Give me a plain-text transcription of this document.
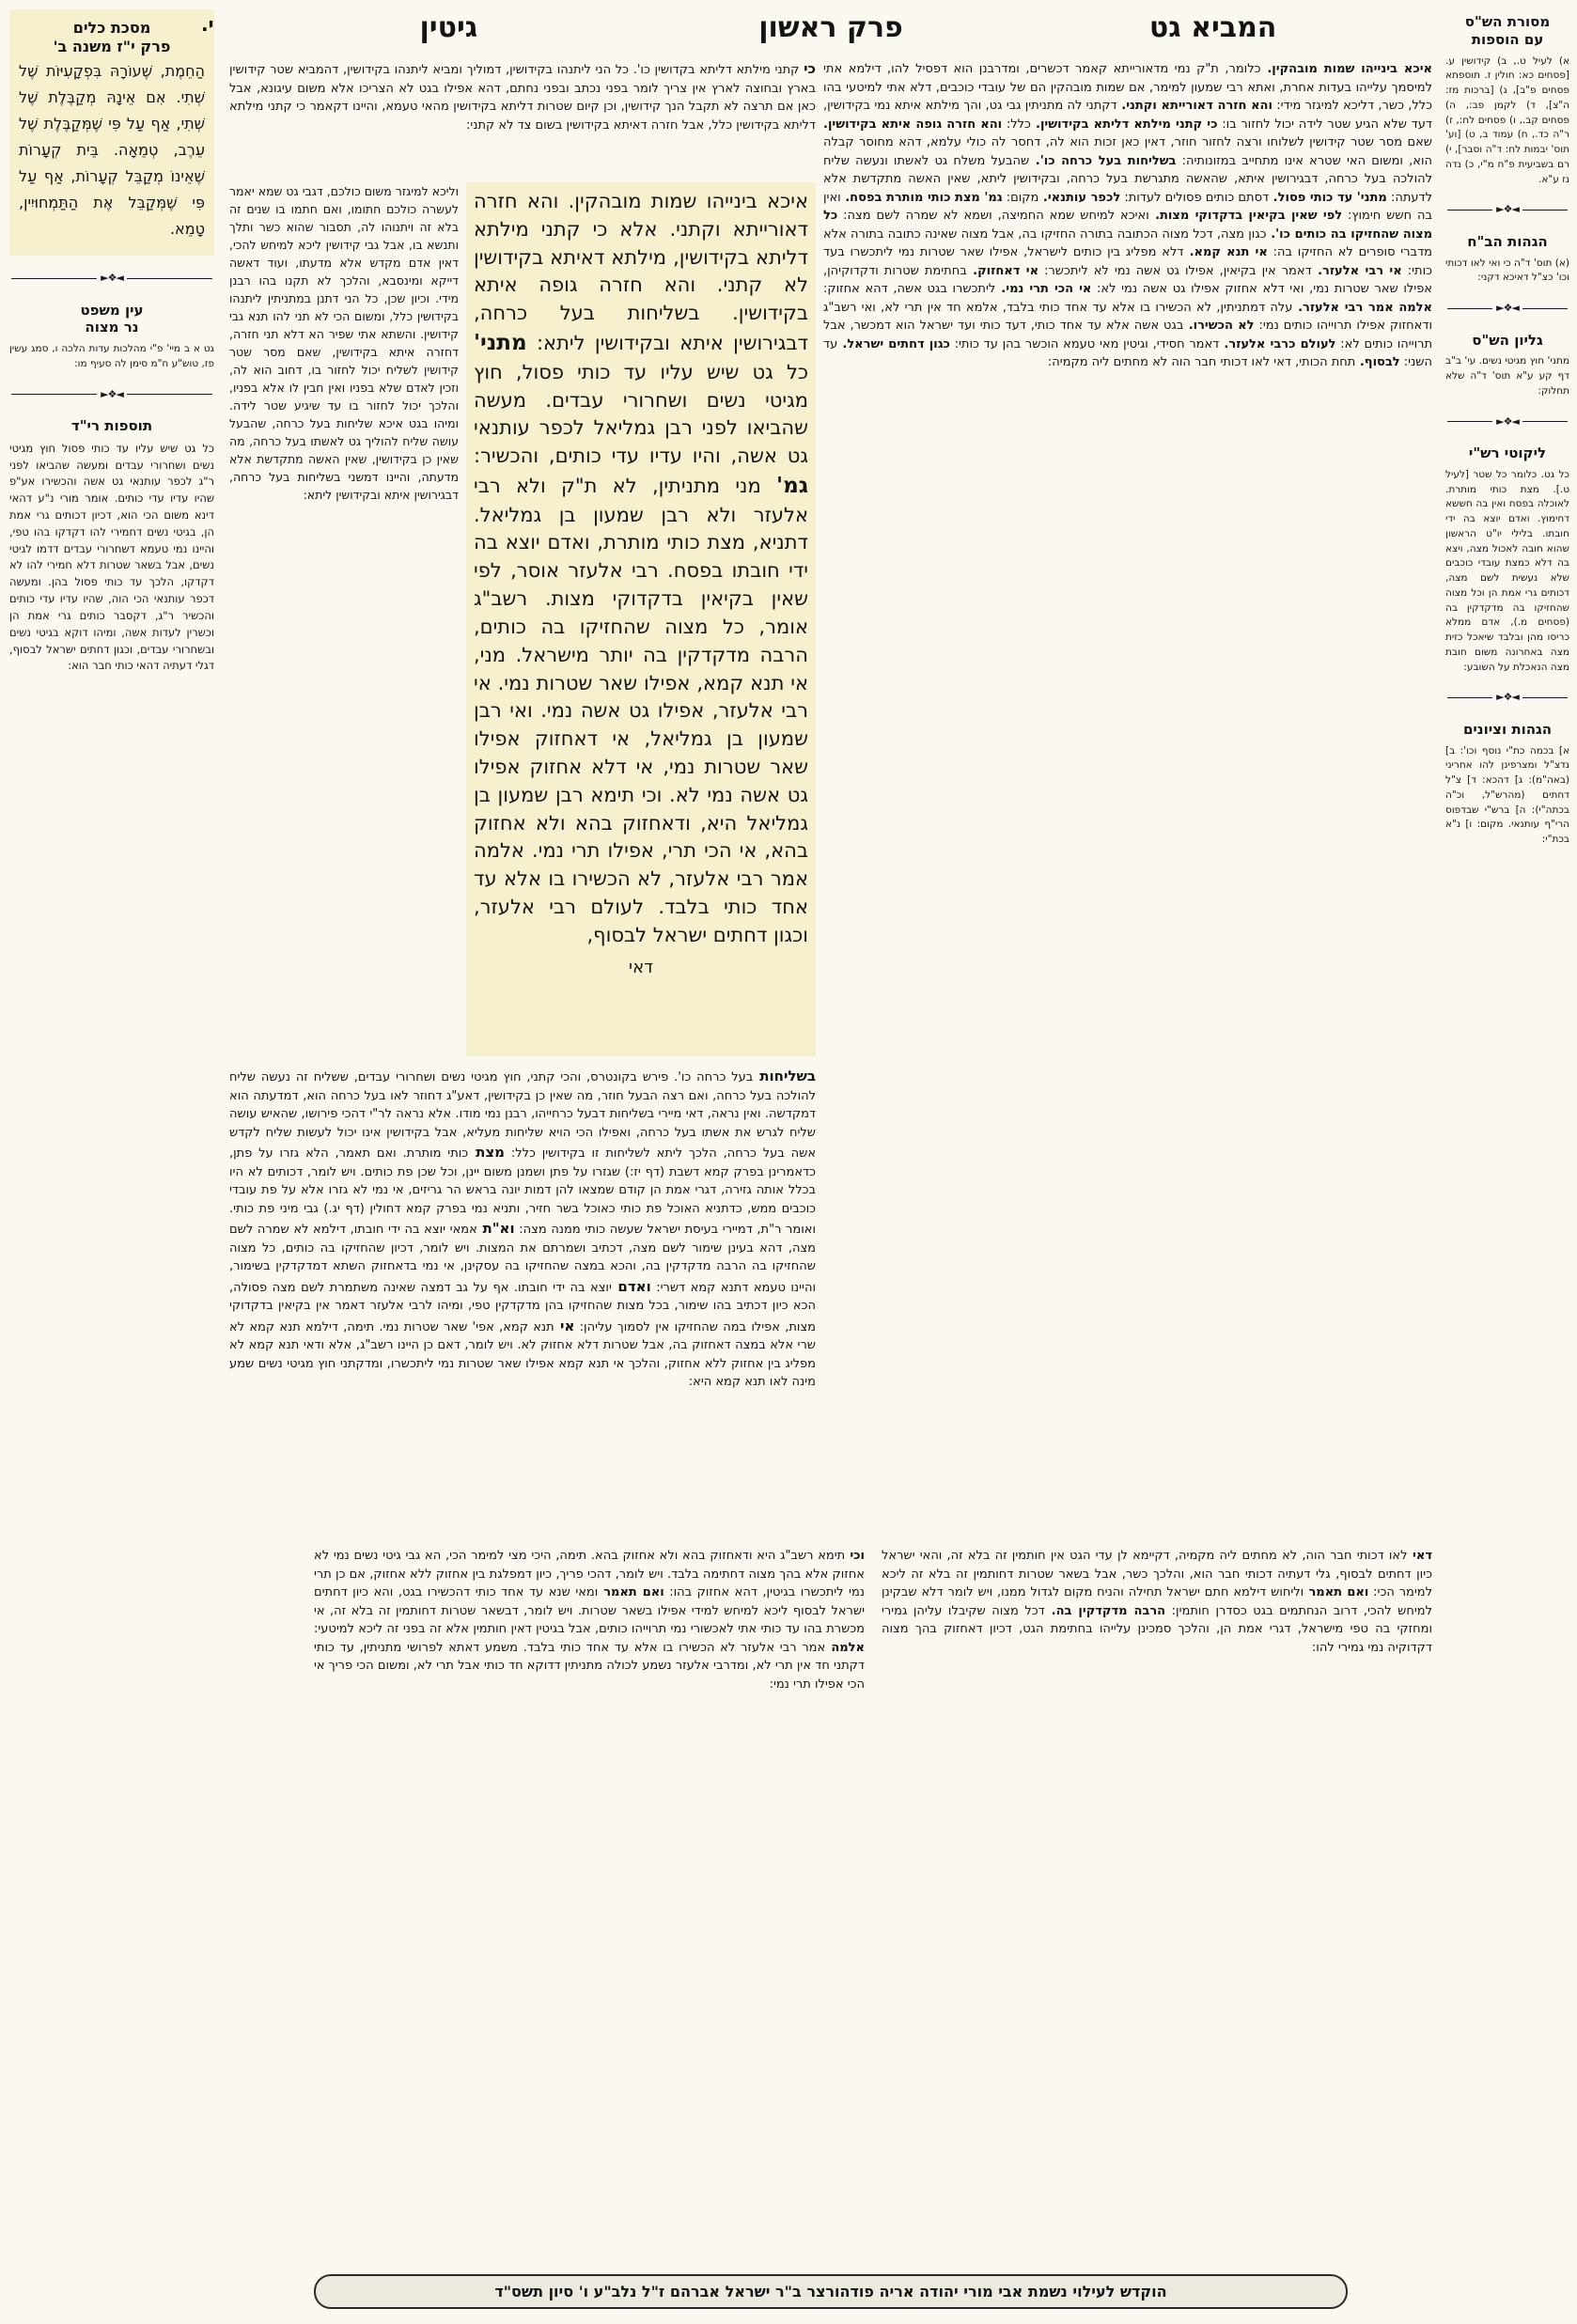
מסורת הש"ס
עם הוספות
א) לעיל ט., ב) קידושין ע. [פסחים כא: חולין ז. תוספתא פסחים פ"ב], ג) [ברכות מז: ה"צ], ד) לקמן פב:, ה) פסחים קב., ו) פסחים לח:, ז) ר"ה כד., ח) עמוד ב, ט) [וע' תוס' יבמות לח: ד"ה וסבר], י) רם בשביעית פ"ח מ"י, כ) נדה נז ע"א.
◄❖►
הגהות הב"ח
(א) תוס' ד"ה כי ואי לאו דכותי וכו' כצ"ל דאיכא דקני:
◄❖►
גליון הש"ס
מתני' חוץ מגיטי נשים. עי' ב"ב דף קע ע"א תוס' ד"ה שלא תחלוק:
◄❖►
ליקוטי רש"י
כל גט. כלומר כל שטר [לעיל ט.]. מצת כותי מותרת. לאוכלה בפסח ואין בה חששא דחימוץ. ואדם יוצא בה ידי חובתו. בלילי יו"ט הראשון שהוא חובה לאכול מצה, ויצא בה דלא כמצת עובדי כוכבים שלא נעשית לשם מצה, דכותים גרי אמת הן וכל מצוה שהחזיקו בה מדקדקין בה (פסחים מ.), אדם ממלא כריסו מהן ובלבד שיאכל כזית מצה באחרונה משום חובת מצה הנאכלת על השובע:
◄❖►
הגהות וציונים
א] בכמה כת"י נוסף וכו': ב] נדצ"ל ומצרפינן להו אחריני (באה"מ): ג] דהכא: ד] צ"ל דחתים (מהרש"ל, וכ"ה בכתה"י): ה] ברש"י שבדפוס הרי"ף עותנאי. מקום: ו] נ"א בכת"י:
המביא גט
פרק ראשון
גיטין
י.
איכא בינייהו שמות מובהקין. כלומר, ת"ק נמי מדאורייתא קאמר דכשרים, ומדרבנן הוא דפסיל להו, דילמא אתי למיסמך עלייהו בעדות אחרת, ואתא רבי שמעון למימר, אם שמות מובהקין הם של עובדי כוכבים, דלא אתי למיטעי בהו כלל, כשר, דליכא למיגזר מידי: והא חזרה דאורייתא וקתני. דקתני לה מתניתין גבי גט, והך מילתא איתא נמי בקידושין, דעד שלא הגיע שטר לידה יכול לחזור בו: כי קתני מילתא דליתא בקידושין. כלל: והא חזרה גופה איתא בקידושין. שאם מסר שטר קידושין לשלוחו ורצה לחזור חוזר, דאין כאן זכות הוא לה, דחסר לה כולי עלמא, דהא מחוסר קבלה הוא, ומשום האי שטרא אינו מתחייב במזונותיה: בשליחות בעל כרחה כו'. שהבעל משלח גט לאשתו ונעשה שליח להולכה בעל כרחה, דבגירושין איתא, שהאשה מתגרשת בעל כרחה, ובקידושין ליתא, שאין האשה מתקדשת אלא לדעתה: מתני' עד כותי פסול. דסתם כותים פסולים לעדות: לכפר עותנאי. מקום: גמ' מצת כותי מותרת בפסח. ואין בה חשש חימוץ: לפי שאין בקיאין בדקדוקי מצות. ואיכא למיחש שמא החמיצה, ושמא לא שמרה לשם מצה: כל מצוה שהחזיקו בה כותים כו'. כגון מצה, דכל מצוה הכתובה בתורה החזיקו בה, אבל מצוה שאינה כתובה בתורה אלא מדברי סופרים לא החזיקו בה: אי תנא קמא. דלא מפליג בין כותים לישראל, אפילו שאר שטרות נמי ליתכשרו בעד כותי: אי רבי אלעזר. דאמר אין בקיאין, אפילו גט אשה נמי לא ליתכשר: אי דאחזוק. בחתימת שטרות ודקדוקיהן, אפילו שאר שטרות נמי, ואי דלא אחזוק אפילו גט אשה נמי לא: אי הכי תרי נמי. ליתכשרו בגט אשה, דהא אחזוק: אלמה אמר רבי אלעזר. עלה דמתניתין, לא הכשירו בו אלא עד אחד כותי בלבד, אלמא חד אין תרי לא, ואי רשב"ג ודאחזוק אפילו תרוייהו כותים נמי: לא הכשירו. בגט אשה אלא עד אחד כותי, דעד כותי ועד ישראל הוא דמכשר, אבל תרוייהו כותים לא: לעולם כרבי אלעזר. דאמר חסידי, וגיטין מאי טעמא הוכשר בהן עד כותי: כגון דחתים ישראל. עד השני: לבסוף. תחת הכותי, דאי לאו דכותי חבר הוה לא מחתים ליה מקמיה:
כי קתני מילתא דליתא בקדושין כו'. כל הני ליתנהו בקידושין, דמוליך ומביא ליתנהו בקידושין, דהמביא שטר קידושין בארץ ובחוצה לארץ אין צריך לומר בפני נכתב ובפני נחתם, דהא אפילו בגט לא הצריכו אלא משום עיגונא, אבל כאן אם תרצה לא תקבל הנך קידושין, וכן קיום שטרות דליתא בקידושין מהאי טעמא, והיינו דקאמר כי קתני מילתא דליתא בקידושין כלל, אבל חזרה דאיתא בקידושין בשום צד לא קתני:
איכא בינייהו שמות מובהקין. והא חזרה דאורייתא וקתני. אלא כי קתני מילתא דליתא בקידושין, מילתא דאיתא בקידושין לא קתני. והא חזרה גופה איתא בקידושין. בשליחות בעל כרחה, דבגירושין איתא ובקידושין ליתא: מתני' כל גט שיש עליו עד כותי פסול, חוץ מגיטי נשים ושחרורי עבדים. מעשה שהביאו לפני רבן גמליאל לכפר עותנאי גט אשה, והיו עדיו עדי כותים, והכשיר: גמ' מני מתניתין, לא ת"ק ולא רבי אלעזר ולא רבן שמעון בן גמליאל. דתניא, מצת כותי מותרת, ואדם יוצא בה ידי חובתו בפסח. רבי אלעזר אוסר, לפי שאין בקיאין בדקדוקי מצות. רשב"ג אומר, כל מצוה שהחזיקו בה כותים, הרבה מדקדקין בה יותר מישראל. מני, אי תנא קמא, אפילו שאר שטרות נמי. אי רבי אלעזר, אפילו גט אשה נמי. ואי רבן שמעון בן גמליאל, אי דאחזוק אפילו שאר שטרות נמי, אי דלא אחזוק אפילו גט אשה נמי לא. וכי תימא רבן שמעון בן גמליאל היא, ודאחזוק בהא ולא אחזוק בהא, אי הכי תרי, אפילו תרי נמי. אלמה אמר רבי אלעזר, לא הכשירו בו אלא עד אחד כותי בלבד. לעולם רבי אלעזר, וכגון דחתים ישראל לבסוף,
דאי
וליכא למיגזר משום כולכם, דגבי גט שמא יאמר לעשרה כולכם חתומו, ואם חתמו בו שנים זה בלא זה ויתנוהו לה, תסבור שהוא כשר ותלך ותנשא בו, אבל גבי קידושין ליכא למיחש להכי, דאין אדם מקדש אלא מדעתו, ועוד דאשה דייקא ומינסבא, והלכך לא תקנו בהו רבנן מידי. וכיון שכן, כל הני דתנן במתניתין ליתנהו בקידושין כלל, ומשום הכי לא תני להו תנא גבי קידושין. והשתא אתי שפיר הא דלא תני חזרה, דחזרה איתא בקידושין, שאם מסר שטר קידושין לשליח יכול לחזור בו, דחוב הוא לה, וזכין לאדם שלא בפניו ואין חבין לו אלא בפניו, והלכך יכול לחזור בו עד שיגיע שטר לידה. ומיהו בגט איכא שליחות בעל כרחה, שהבעל עושה שליח להוליך גט לאשתו בעל כרחה, מה שאין כן בקידושין, שאין האשה מתקדשת אלא מדעתה, והיינו דמשני בשליחות בעל כרחה, דבגירושין איתא ובקידושין ליתא:
בשליחות בעל כרחה כו'. פירש בקונטרס, והכי קתני, חוץ מגיטי נשים ושחרורי עבדים, ששליח זה נעשה שליח להולכה בעל כרחה, ואם רצה הבעל חוזר, מה שאין כן בקידושין, דאע"ג דחוזר לאו בעל כרחה הוא, דמדעתה הוא דמקדשה. ואין נראה, דאי מיירי בשליחות דבעל כרחייהו, רבנן נמי מודו. אלא נראה לר"י דהכי פירושו, שהאיש עושה שליח לגרש את אשתו בעל כרחה, ואפילו הכי הויא שליחות מעליא, אבל בקידושין אינו יכול לעשות שליח לקדש אשה בעל כרחה, הלכך ליתא לשליחות זו בקידושין כלל: מצת כותי מותרת. ואם תאמר, הלא גזרו על פתן, כדאמרינן בפרק קמא דשבת (דף יז:) שגזרו על פתן ושמנן משום יינן, וכל שכן פת כותים. ויש לומר, דכותים לא היו בכלל אותה גזירה, דגרי אמת הן קודם שמצאו להן דמות יונה בראש הר גריזים, אי נמי לא גזרו אלא על פת עובדי כוכבים ממש, כדתניא האוכל פת כותי כאוכל בשר חזיר, ותניא נמי בפרק קמא דחולין (דף יג.) גבי מיני פת כותי. ואומר ר"ת, דמיירי בעיסת ישראל שעשה כותי ממנה מצה: וא"ת אמאי יוצא בה ידי חובתו, דילמא לא שמרה לשם מצה, דהא בעינן שימור לשם מצה, דכתיב ושמרתם את המצות. ויש לומר, דכיון שהחזיקו בה כותים, כל מצוה שהחזיקו בה הרבה מדקדקין בה, והכא במצה שהחזיקו בה עסקינן, אי נמי בדאחזוק השתא דמדקדקין בשימור, והיינו טעמא דתנא קמא דשרי: ואדם יוצא בה ידי חובתו. אף על גב דמצה שאינה משתמרת לשם מצה פסולה, הכא כיון דכתיב בהו שימור, בכל מצות שהחזיקו בהן מדקדקין טפי, ומיהו לרבי אלעזר דאמר אין בקיאין בדקדוקי מצות, אפילו במה שהחזיקו אין לסמוך עליהן: אי תנא קמא, אפי' שאר שטרות נמי. תימה, דילמא תנא קמא לא שרי אלא במצה דאחזוק בה, אבל שטרות דלא אחזוק לא. ויש לומר, דאם כן היינו רשב"ג, אלא ודאי תנא קמא לא מפליג בין אחזוק ללא אחזוק, והלכך אי תנא קמא אפילו שאר שטרות נמי ליתכשרו, ומדקתני חוץ מגיטי נשים שמע מינה לאו תנא קמא היא:
דאי לאו דכותי חבר הוה, לא מחתים ליה מקמיה, דקיימא לן עדי הגט אין חותמין זה בלא זה, והאי ישראל כיון דחתים לבסוף, גלי דעתיה דכותי חבר הוא, והלכך כשר, אבל בשאר שטרות דחותמין זה בלא זה ליכא למימר הכי: ואם תאמר וליחוש דילמא חתם ישראל תחילה והניח מקום לגדול ממנו, ויש לומר דלא שבקינן למיחש להכי, דרוב הנחתמים בגט כסדרן חותמין: הרבה מדקדקין בה. דכל מצוה שקיבלו עליהן גמירי ומחזקי בה טפי מישראל, דגרי אמת הן, והלכך סמכינן עלייהו בחתימת הגט, דכיון דאחזוק בהך מצוה דקדוקיה נמי גמירי להו:
וכי תימא רשב"ג היא ודאחזוק בהא ולא אחזוק בהא. תימה, היכי מצי למימר הכי, הא גבי גיטי נשים נמי לא אחזוק אלא בהך מצוה דחתימה בלבד. ויש לומר, דהכי פריך, כיון דמפלגת בין אחזוק ללא אחזוק, אם כן תרי נמי ליתכשרו בגיטין, דהא אחזוק בהו: ואם תאמר ומאי שנא עד אחד כותי דהכשירו בגט, והא כיון דחתים ישראל לבסוף ליכא למיחש למידי אפילו בשאר שטרות. ויש לומר, דבשאר שטרות דחותמין זה בלא זה, אי מכשרת בהו עד כותי אתי לאכשורי נמי תרוייהו כותים, אבל בגיטין דאין חותמין אלא זה בפני זה ליכא למיטעי: אלמה אמר רבי אלעזר לא הכשירו בו אלא עד אחד כותי בלבד. משמע דאתא לפרושי מתניתין, עד כותי דקתני חד אין תרי לא, ומדרבי אלעזר נשמע לכולה מתניתין דדוקא חד כותי אבל תרי לא, ומשום הכי פריך אי הכי אפילו תרי נמי:
הוקדש לעילוי נשמת אבי מורי יהודה אריה פודהורצר ב"ר ישראל אברהם ז"ל נלב"ע ו' סיון תשס"ד
מסכת כלים
פרק י"ז משנה ב'
הַחֵמֶת, שֶׁעוֹרָהּ בִּפְקָעִיּוֹת שֶׁל שְׁתִי. אִם אֵינָהּ מְקַבֶּלֶת שֶׁל שְׁתִי, אַף עַל פִּי שֶׁמְּקַבֶּלֶת שֶׁל עֵרֶב, טְמֵאָה. בֵּית קְעָרוֹת שֶׁאֵינוֹ מְקַבֵּל קְעָרוֹת, אַף עַל פִּי שֶׁמְּקַבֵּל אֶת הַתַּמְחוּיִין, טָמֵא.
◄❖►
עין משפט
נר מצוה
גט א ב מיי' פ"י מהלכות עדות הלכה ו, סמג עשין פז, טוש"ע ח"מ סימן לה סעיף מו:
◄❖►
תוספות רי"ד
כל גט שיש עליו עד כותי פסול חוץ מגיטי נשים ושחרורי עבדים ומעשה שהביאו לפני ר"ג לכפר עותנאי גט אשה והכשירו אע"פ שהיו עדיו עדי כותים. אומר מורי נ"ע דהאי דינא משום הכי הוא, דכיון דכותים גרי אמת הן, בגיטי נשים דחמירי להו דקדקו בהו טפי, והיינו נמי טעמא דשחרורי עבדים דדמו לגיטי נשים, אבל בשאר שטרות דלא חמירי להו לא דקדקו, הלכך עד כותי פסול בהן. ומעשה דכפר עותנאי הכי הוה, שהיו עדיו עדי כותים והכשיר ר"ג, דקסבר כותים גרי אמת הן וכשרין לעדות אשה, ומיהו דוקא בגיטי נשים ובשחרורי עבדים, וכגון דחתים ישראל לבסוף, דגלי דעתיה דהאי כותי חבר הוא:
